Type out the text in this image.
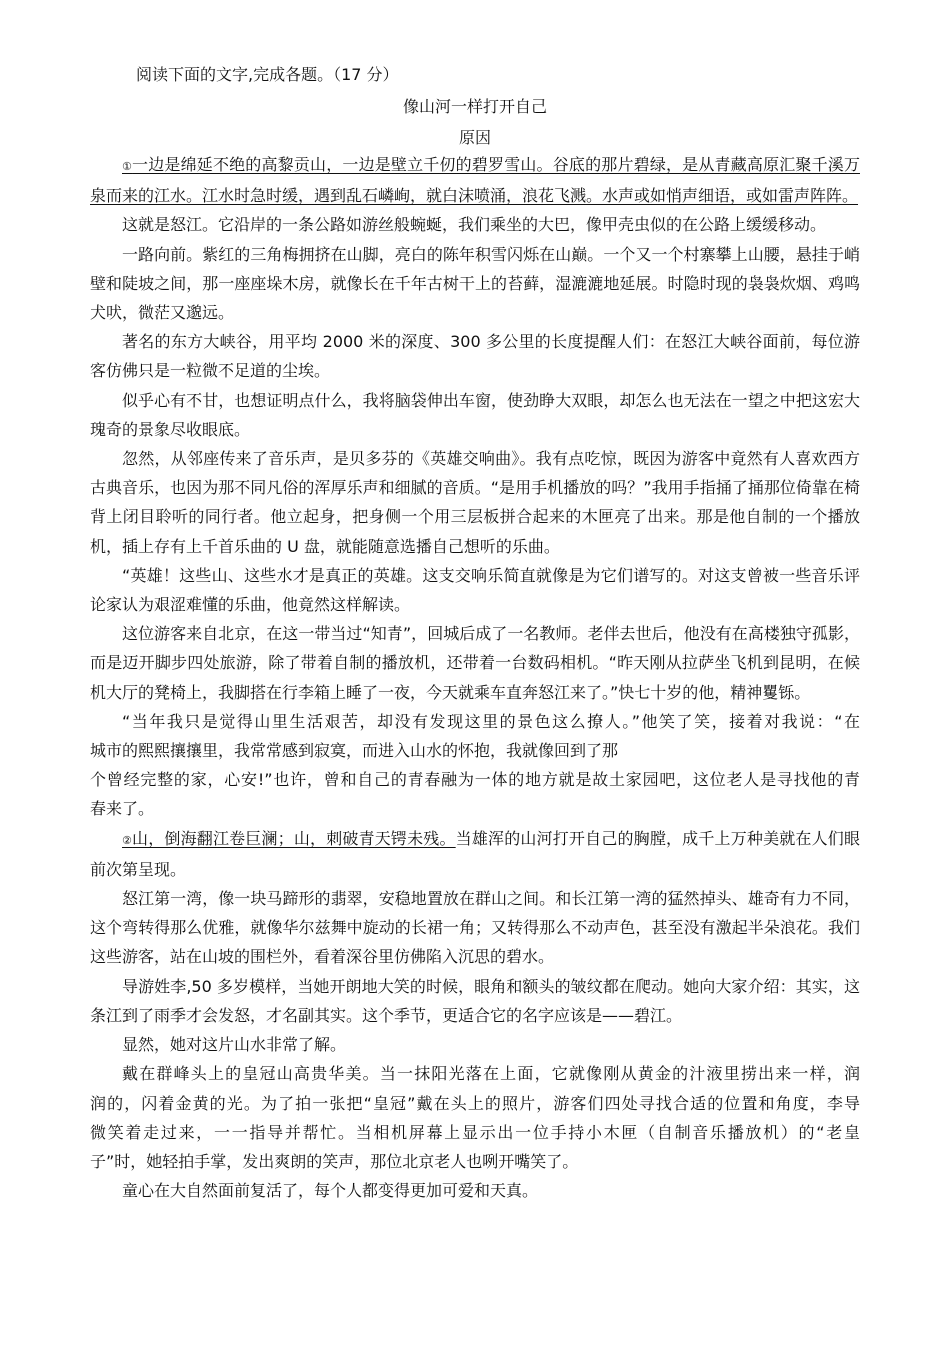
阅读下面的文字,完成各题。（17 分）
像山河一样打开自己
原因

①一边是绵延不绝的高黎贡山，一边是壁立千仞的碧罗雪山。谷底的那片碧绿，是从青藏高原汇聚千溪万泉而来的江水。江水时急时缓，遇到乱石嶙峋，就白沫喷涌，浪花飞溅。水声或如悄声细语，或如雷声阵阵。

这就是怒江。它沿岸的一条公路如游丝般蜿蜒，我们乘坐的大巴，像甲壳虫似的在公路上缓缓移动。

一路向前。紫红的三角梅拥挤在山脚，亮白的陈年积雪闪烁在山巅。一个又一个村寨攀上山腰，悬挂于峭壁和陡坡之间，那一座座垛木房，就像长在千年古树干上的苔藓，湿漉漉地延展。时隐时现的袅袅炊烟、鸡鸣犬吠，微茫又邈远。

著名的东方大峡谷，用平均 2000 米的深度、300 多公里的长度提醒人们：在怒江大峡谷面前，每位游客仿佛只是一粒微不足道的尘埃。

似乎心有不甘，也想证明点什么，我将脑袋伸出车窗，使劲睁大双眼，却怎么也无法在一望之中把这宏大瑰奇的景象尽收眼底。

忽然，从邻座传来了音乐声，是贝多芬的《英雄交响曲》。我有点吃惊，既因为游客中竟然有人喜欢西方古典音乐，也因为那不同凡俗的浑厚乐声和细腻的音质。“是用手机播放的吗？”我用手指捅了捅那位倚靠在椅背上闭目聆听的同行者。他立起身，把身侧一个用三层板拼合起来的木匣亮了出来。那是他自制的一个播放机，插上存有上千首乐曲的 U 盘，就能随意选播自己想听的乐曲。

“英雄！这些山、这些水才是真正的英雄。这支交响乐简直就像是为它们谱写的。对这支曾被一些音乐评论家认为艰涩难懂的乐曲，他竟然这样解读。

这位游客来自北京，在这一带当过“知青”，回城后成了一名教师。老伴去世后，他没有在高楼独守孤影，而是迈开脚步四处旅游，除了带着自制的播放机，还带着一台数码相机。“昨天刚从拉萨坐飞机到昆明，在候机大厅的凳椅上，我脚搭在行李箱上睡了一夜，今天就乘车直奔怒江来了。”快七十岁的他，精神矍铄。

“当年我只是觉得山里生活艰苦，却没有发现这里的景色这么撩人。”他笑了笑，接着对我说：“在
城市的熙熙攘攘里，我常常感到寂寞，而进入山水的怀抱，我就像回到了那
个曾经完整的家，心安!”也许，曾和自己的青春融为一体的地方就是故土家园吧，这位老人是寻找他的青
春来了。

②山，倒海翻江卷巨澜；山，刺破青天锷未残。当雄浑的山河打开自己的胸膛，成千上万种美就在人们眼前次第呈现。

怒江第一湾，像一块马蹄形的翡翠，安稳地置放在群山之间。和长江第一湾的猛然掉头、雄奇有力不同，这个弯转得那么优雅，就像华尔兹舞中旋动的长裙一角；又转得那么不动声色，甚至没有激起半朵浪花。我们这些游客，站在山坡的围栏外，看着深谷里仿佛陷入沉思的碧水。

导游姓李,50 多岁模样，当她开朗地大笑的时候，眼角和额头的皱纹都在爬动。她向大家介绍：其实，这条江到了雨季才会发怒，才名副其实。这个季节，更适合它的名字应该是——碧江。

显然，她对这片山水非常了解。

戴在群峰头上的皇冠山高贵华美。当一抹阳光落在上面，它就像刚从黄金的汁液里捞出来一样，润
润的，闪着金黄的光。为了拍一张把“皇冠”戴在头上的照片，游客们四处寻找合适的位置和角度，李导
微笑着走过来，一一指导并帮忙。当相机屏幕上显示出一位手持小木匣（自制音乐播放机）的“老皇
子”时，她轻拍手掌，发出爽朗的笑声，那位北京老人也咧开嘴笑了。

童心在大自然面前复活了，每个人都变得更加可爱和天真。
